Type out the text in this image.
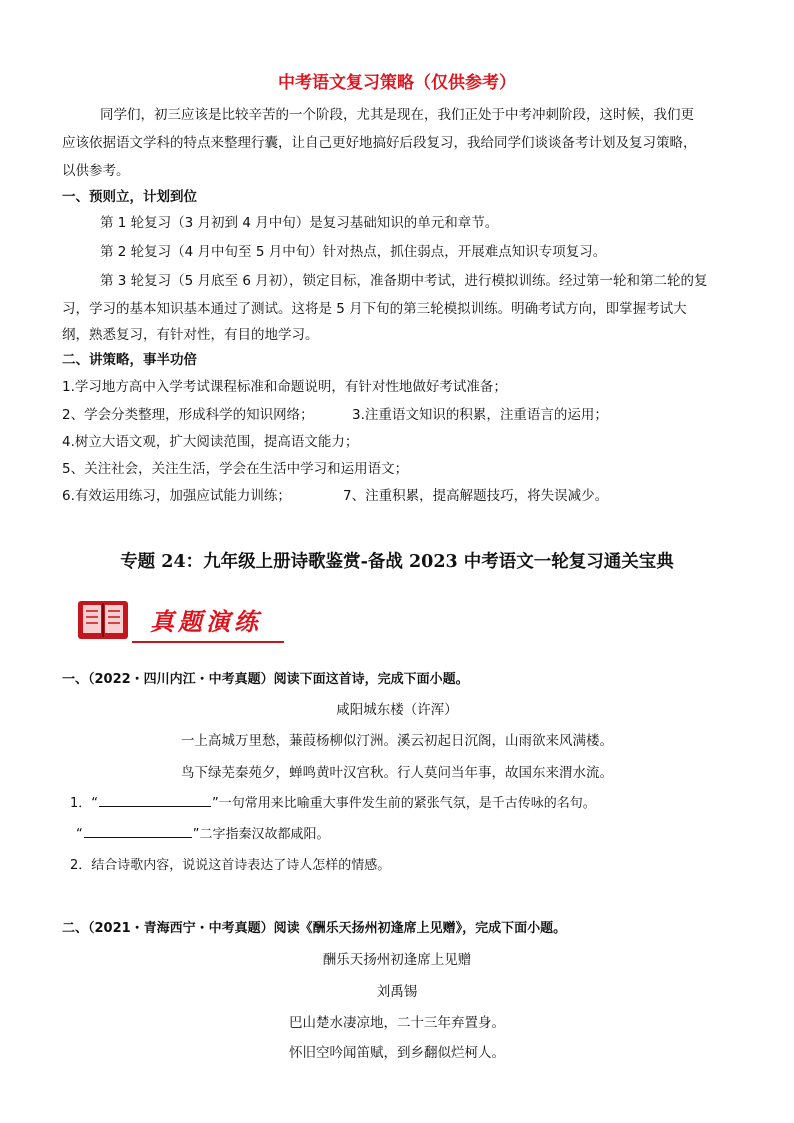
中考语文复习策略（仅供参考）
同学们，初三应该是比较辛苦的一个阶段，尤其是现在，我们正处于中考冲刺阶段，这时候，我们更
应该依据语文学科的特点来整理行囊，让自己更好地搞好后段复习，我给同学们谈谈备考计划及复习策略，
以供参考。
一、预则立，计划到位
第 1 轮复习（3 月初到 4 月中旬）是复习基础知识的单元和章节。
第 2 轮复习（4 月中旬至 5 月中旬）针对热点，抓住弱点，开展难点知识专项复习。
第 3 轮复习（5 月底至 6 月初），锁定目标，准备期中考试，进行模拟训练。经过第一轮和第二轮的复
习，学习的基本知识基本通过了测试。这将是 5 月下旬的第三轮模拟训练。明确考试方向，即掌握考试大
纲，熟悉复习，有针对性，有目的地学习。
二、讲策略，事半功倍
1.学习地方高中入学考试课程标准和命题说明，有针对性地做好考试准备；
2、学会分类整理，形成科学的知识网络；	3.注重语文知识的积累，注重语言的运用；
4.树立大语文观，扩大阅读范围，提高语文能力；
5、关注社会，关注生活，学会在生活中学习和运用语文；
6.有效运用练习，加强应试能力训练；	7、注重积累，提高解题技巧，将失误减少。
专题 24：九年级上册诗歌鉴赏-备战 2023 中考语文一轮复习通关宝典
真题演练
一、（2022・四川内江・中考真题）阅读下面这首诗，完成下面小题。
咸阳城东楼（许浑）
一上高城万里愁，蒹葭杨柳似汀洲。溪云初起日沉阁，山雨欲来风满楼。
鸟下绿芜秦苑夕，蝉鸣黄叶汉宫秋。行人莫问当年事，故国东来渭水流。
1．“	”一句常用来比喻重大事件发生前的紧张气氛，是千古传咏的名句。
“	”二字指秦汉故都咸阳。
2．结合诗歌内容，说说这首诗表达了诗人怎样的情感。
二、（2021・青海西宁・中考真题）阅读《酬乐天扬州初逢席上见赠》，完成下面小题。
酬乐天扬州初逢席上见赠
刘禹锡
巴山楚水凄凉地，二十三年弃置身。
怀旧空吟闻笛赋，到乡翻似烂柯人。
